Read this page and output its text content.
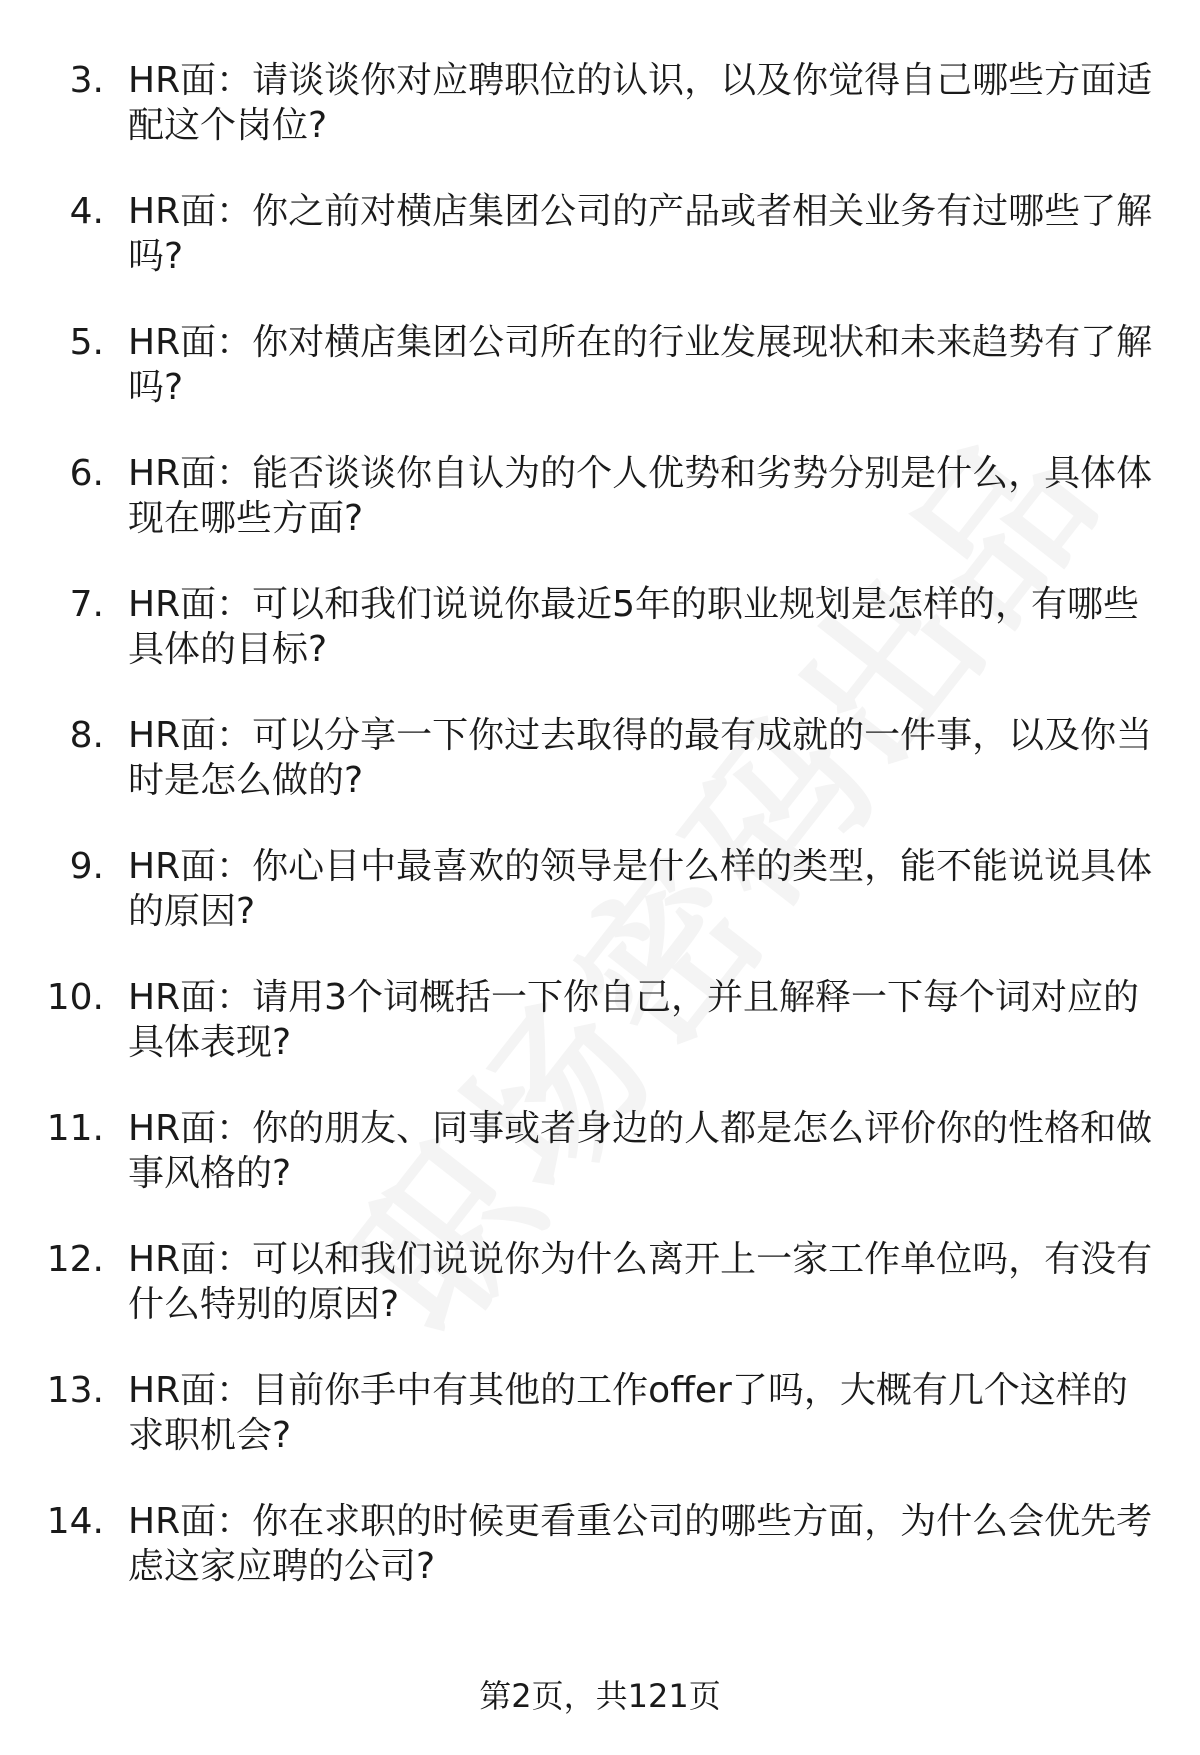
3. HR面：请谈谈你对应聘职位的认识，以及你觉得自己哪些方面适配这个岗位?
4. HR面：你之前对横店集团公司的产品或者相关业务有过哪些了解吗?
5. HR面：你对横店集团公司所在的行业发展现状和未来趋势有了解吗?
6. HR面：能否谈谈你自认为的个人优势和劣势分别是什么，具体体现在哪些方面?
7. HR面：可以和我们说说你最近5年的职业规划是怎样的，有哪些具体的目标?
8. HR面：可以分享一下你过去取得的最有成就的一件事，以及你当时是怎么做的?
9. HR面：你心目中最喜欢的领导是什么样的类型，能不能说说具体的原因?
10. HR面：请用3个词概括一下你自己，并且解释一下每个词对应的具体表现?
11. HR面：你的朋友、同事或者身边的人都是怎么评价你的性格和做事风格的?
12. HR面：可以和我们说说你为什么离开上一家工作单位吗，有没有什么特别的原因?
13. HR面：目前你手中有其他的工作offer了吗，大概有几个这样的求职机会?
14. HR面：你在求职的时候更看重公司的哪些方面，为什么会优先考虑这家应聘的公司?
第2页，共121页
